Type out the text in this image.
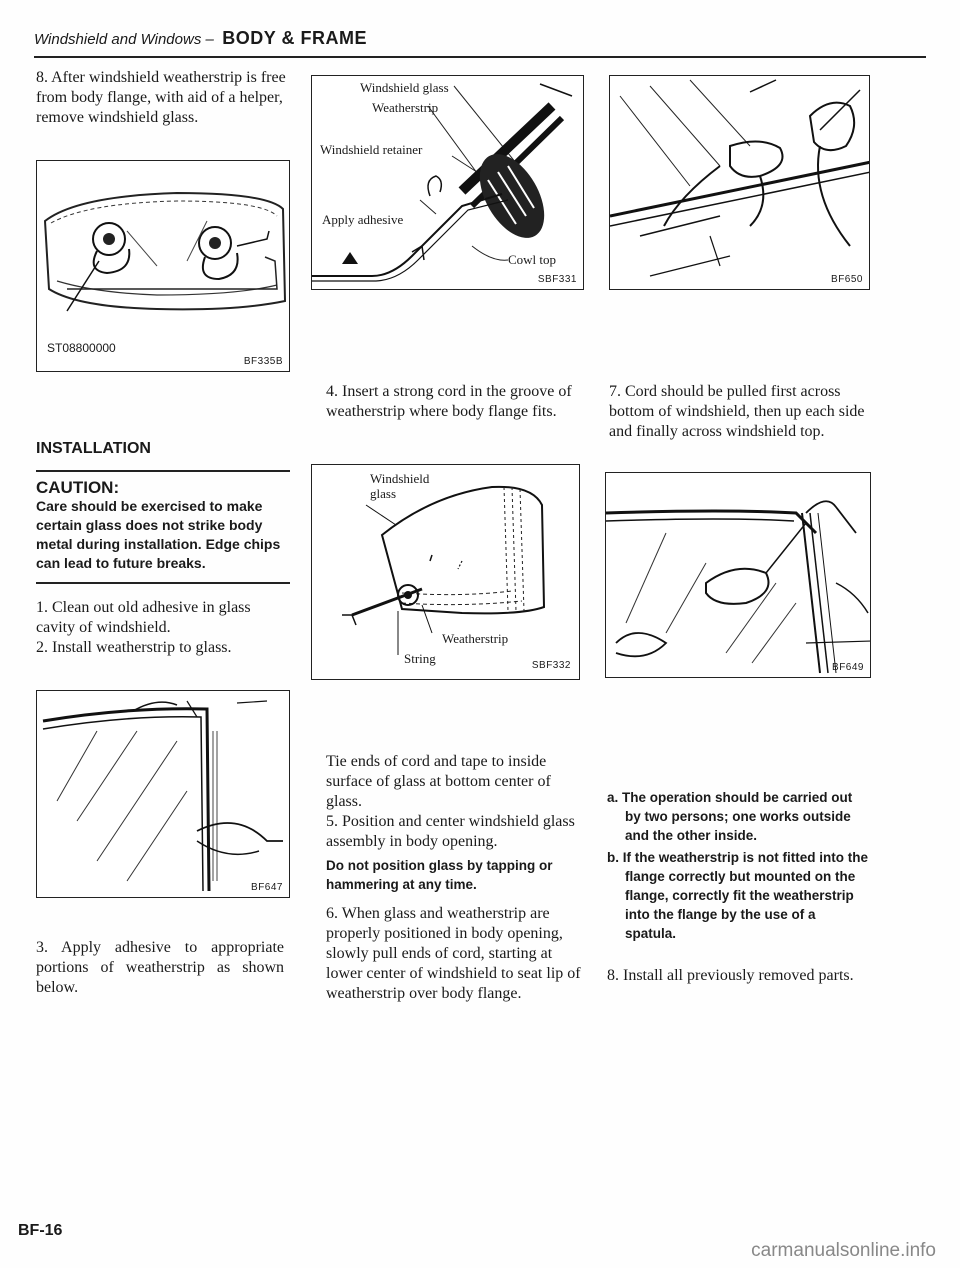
Windshield and Windows – BODY & FRAME

8. After windshield weatherstrip is free from body flange, with aid of a helper, remove windshield glass.

ST08800000
BF335B
INSTALLATION
CAUTION:

Care should be exercised to make certain glass does not strike body metal during installation. Edge chips can lead to future breaks.

1. Clean out old adhesive in glass cavity of windshield.

2. Install weatherstrip to glass.

BF647

3. Apply adhesive to appropriate portions of weatherstrip as shown below.

Windshield glass
Weatherstrip
Windshield retainer
Apply adhesive
Cowl top
SBF331

4. Insert a strong cord in the groove of weatherstrip where body flange fits.

Windshield
glass
Weatherstrip
String	SBF332

Tie ends of cord and tape to inside surface of glass at bottom center of glass.

5. Position and center windshield glass assembly in body opening.

Do not position glass by tapping or hammering at any time.

6. When glass and weatherstrip are properly positioned in body opening, slowly pull ends of cord, starting at lower center of windshield to seat lip of weatherstrip over body flange.

BF650

7. Cord should be pulled first across bottom of windshield, then up each side and finally across windshield top.

BF649

a. The operation should be carried out by two persons; one works outside and the other inside.

b. If the weatherstrip is not fitted into the flange correctly but mounted on the flange, correctly fit the weatherstrip into the flange by the use of a spatula.

8. Install all previously removed parts.

BF-16
carmanualsonline.info
